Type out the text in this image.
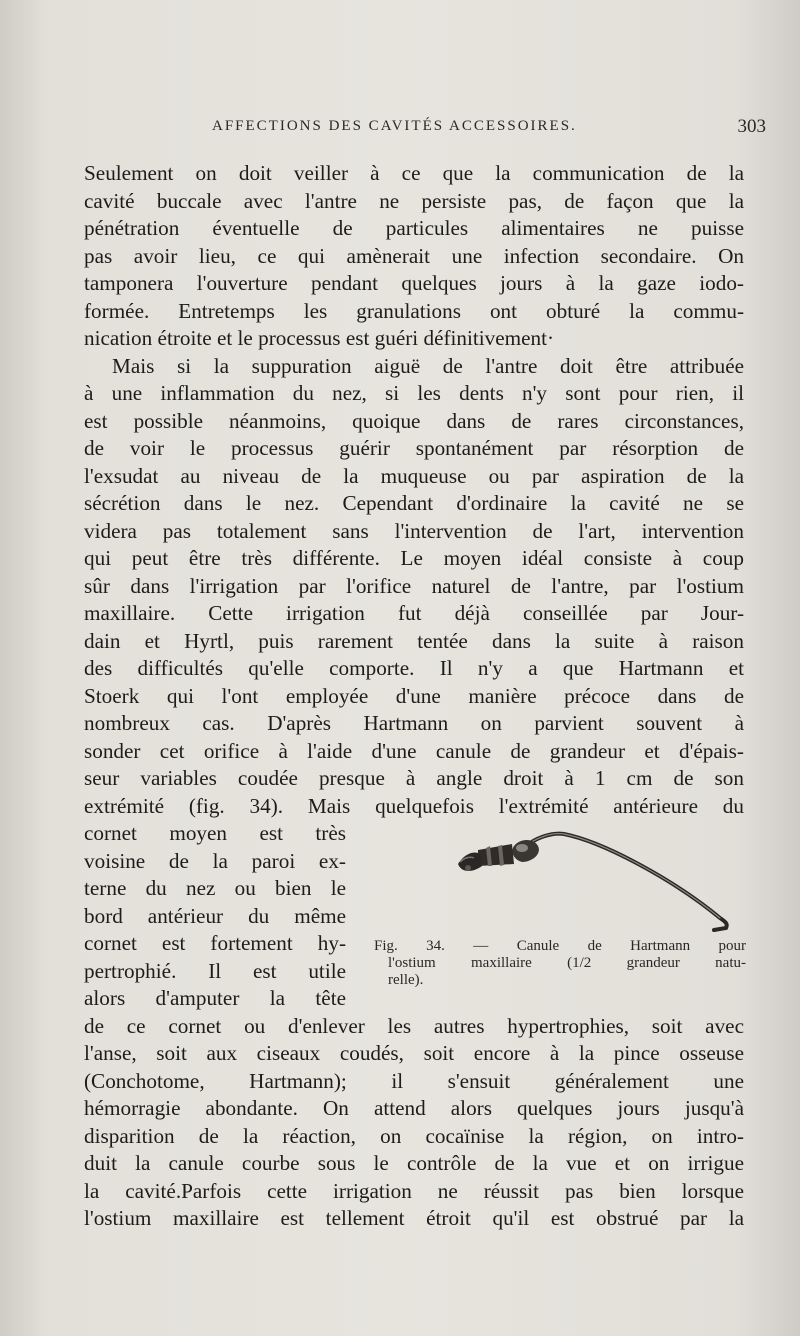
AFFECTIONS DES CAVITÉS ACCESSOIRES.	303
Seulement on doit veiller à ce que la communication de la
cavité buccale avec l'antre ne persiste pas, de façon que la
pénétration éventuelle de particules alimentaires ne puisse
pas avoir lieu, ce qui amènerait une infection secondaire. On
tamponera l'ouverture pendant quelques jours à la gaze iodo-
formée. Entretemps les granulations ont obturé la commu-
nication étroite et le processus est guéri définitivement·
Mais si la suppuration aiguë de l'antre doit être attribuée
à une inflammation du nez, si les dents n'y sont pour rien, il
est possible néanmoins, quoique dans de rares circonstances,
de voir le processus guérir spontanément par résorption de
l'exsudat au niveau de la muqueuse ou par aspiration de la
sécrétion dans le nez. Cependant d'ordinaire la cavité ne se
videra pas totalement sans l'intervention de l'art, intervention
qui peut être très différente. Le moyen idéal consiste à coup
sûr dans l'irrigation par l'orifice naturel de l'antre, par l'ostium
maxillaire. Cette irrigation fut déjà conseillée par Jour-
dain et Hyrtl, puis rarement tentée dans la suite à raison
des difficultés qu'elle comporte. Il n'y a que Hartmann et
Stoerk qui l'ont employée d'une manière précoce dans de
nombreux cas. D'après Hartmann on parvient souvent à
sonder cet orifice à l'aide d'une canule de grandeur et d'épais-
seur variables coudée presque à angle droit à 1 cm de son
extrémité (fig. 34). Mais quelquefois l'extrémité antérieure du
cornet moyen est très
voisine de la paroi ex-
terne du nez ou bien le
bord antérieur du même
cornet est fortement hy-
pertrophié. Il est utile
alors d'amputer la tête
Fig. 34. — Canule de Hartmann pour
l'ostium maxillaire (1/2 grandeur natu-
relle).
de ce cornet ou d'enlever les autres hypertrophies, soit avec
l'anse, soit aux ciseaux coudés, soit encore à la pince osseuse
(Conchotome, Hartmann); il s'ensuit généralement une
hémorragie abondante. On attend alors quelques jours jusqu'à
disparition de la réaction, on cocaïnise la région, on intro-
duit la canule courbe sous le contrôle de la vue et on irrigue
la cavité.Parfois cette irrigation ne réussit pas bien lorsque
l'ostium maxillaire est tellement étroit qu'il est obstrué par la
